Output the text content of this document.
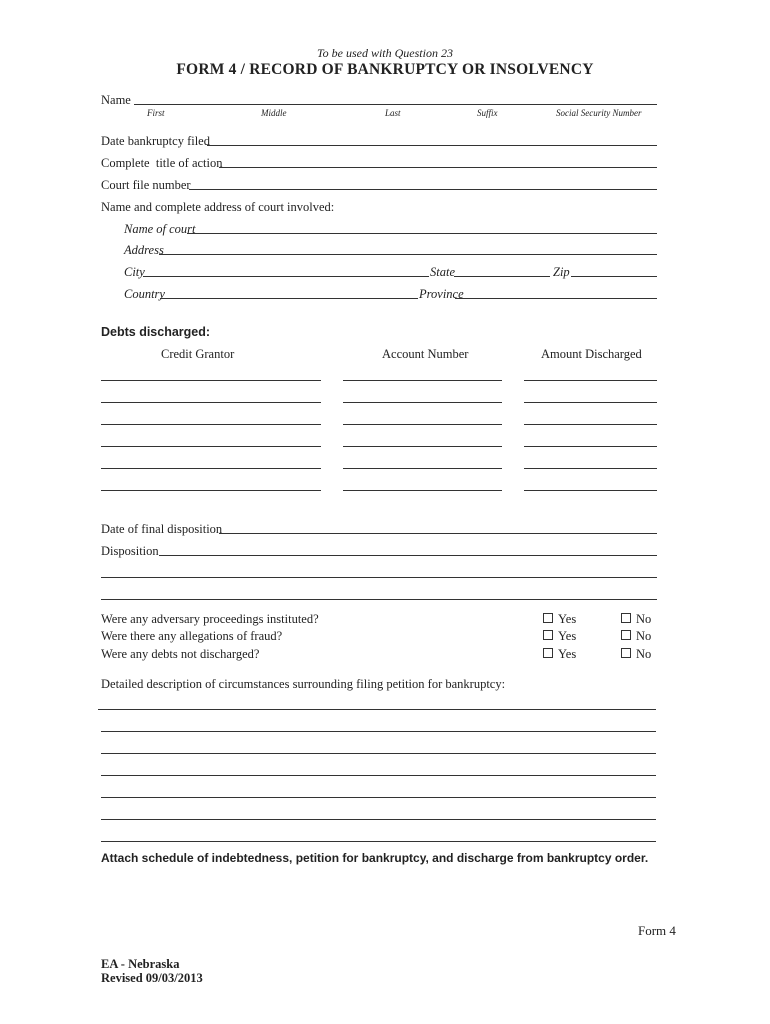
To be used with Question 23
FORM 4 / RECORD OF BANKRUPTCY OR INSOLVENCY
Name
First	Middle	Last	Suffix	Social Security Number
Date bankruptcy filed
Complete  title of action
Court file number
Name and complete address of court involved:
Name of court
Address
City	State	Zip
Country	Province
Debts discharged:
Credit Grantor	Account Number	Amount Discharged
Date of final disposition
Disposition
Were any adversary proceedings instituted?	Yes	No
Were there any allegations of fraud?	Yes	No
Were any debts not discharged?	Yes	No
Detailed description of circumstances surrounding filing petition for bankruptcy:
Attach schedule of indebtedness, petition for bankruptcy, and discharge from bankruptcy order.
Form 4
EA - Nebraska
Revised 09/03/2013
